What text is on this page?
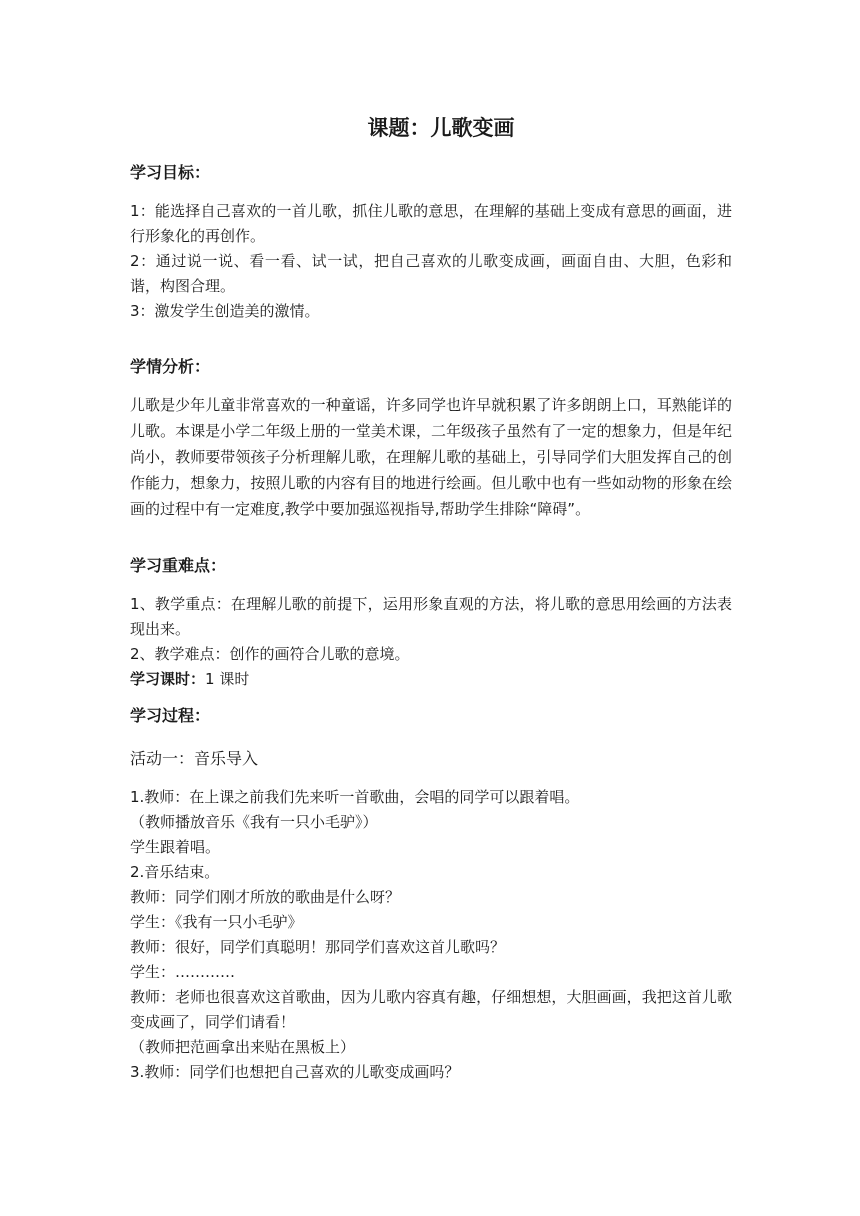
课题：儿歌变画
学习目标：
1：能选择自己喜欢的一首儿歌，抓住儿歌的意思，在理解的基础上变成有意思的画面，进行形象化的再创作。
2：通过说一说、看一看、试一试，把自己喜欢的儿歌变成画，画面自由、大胆，色彩和谐，构图合理。
3：激发学生创造美的激情。
学情分析：
儿歌是少年儿童非常喜欢的一种童谣，许多同学也许早就积累了许多朗朗上口，耳熟能详的儿歌。本课是小学二年级上册的一堂美术课，二年级孩子虽然有了一定的想象力，但是年纪尚小，教师要带领孩子分析理解儿歌，在理解儿歌的基础上，引导同学们大胆发挥自己的创作能力，想象力，按照儿歌的内容有目的地进行绘画。但儿歌中也有一些如动物的形象在绘画的过程中有一定难度,教学中要加强巡视指导,帮助学生排除“障碍”。
学习重难点：
1、教学重点：在理解儿歌的前提下，运用形象直观的方法，将儿歌的意思用绘画的方法表现出来。
2、教学难点：创作的画符合儿歌的意境。
学习课时：1 课时
学习过程：
活动一：音乐导入
1.教师：在上课之前我们先来听一首歌曲，会唱的同学可以跟着唱。
（教师播放音乐《我有一只小毛驴》）
学生跟着唱。
2.音乐结束。
教师：同学们刚才所放的歌曲是什么呀？
学生：《我有一只小毛驴》
教师：很好，同学们真聪明！那同学们喜欢这首儿歌吗？
学生：…………
教师：老师也很喜欢这首歌曲，因为儿歌内容真有趣，仔细想想，大胆画画，我把这首儿歌变成画了，同学们请看！
（教师把范画拿出来贴在黑板上）
3.教师：同学们也想把自己喜欢的儿歌变成画吗？
